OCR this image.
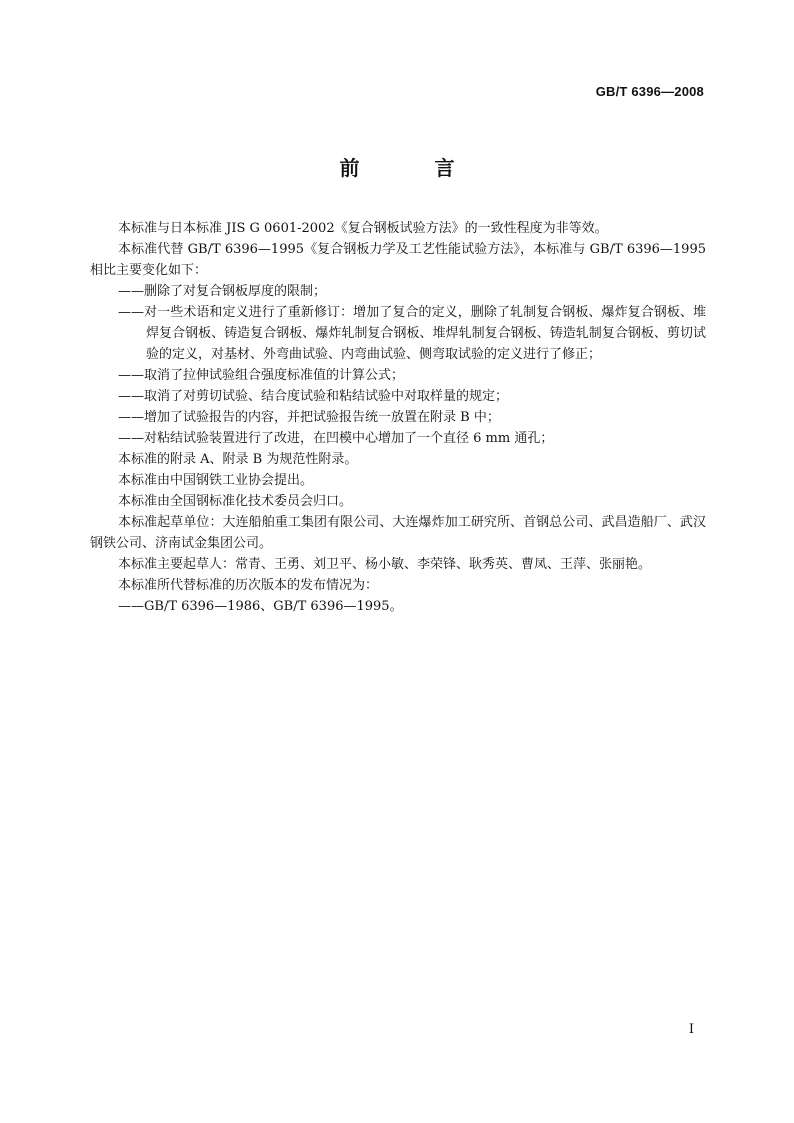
GB/T 6396—2008
前 言

本标准与日本标准 JIS G 0601-2002《复合钢板试验方法》的一致性程度为非等效。

本标准代替 GB/T 6396—1995《复合钢板力学及工艺性能试验方法》，本标准与 GB/T 6396—1995 相比主要变化如下：

——删除了对复合钢板厚度的限制；

——对一些术语和定义进行了重新修订：增加了复合的定义，删除了轧制复合钢板、爆炸复合钢板、堆焊复合钢板、铸造复合钢板、爆炸轧制复合钢板、堆焊轧制复合钢板、铸造轧制复合钢板、剪切试验的定义，对基材、外弯曲试验、内弯曲试验、侧弯取试验的定义进行了修正；

——取消了拉伸试验组合强度标准值的计算公式；

——取消了对剪切试验、结合度试验和粘结试验中对取样量的规定；

——增加了试验报告的内容，并把试验报告统一放置在附录 B 中；

——对粘结试验装置进行了改进，在凹模中心增加了一个直径 6 mm 通孔；

本标准的附录 A、附录 B 为规范性附录。

本标准由中国钢铁工业协会提出。

本标准由全国钢标准化技术委员会归口。

本标准起草单位：大连船舶重工集团有限公司、大连爆炸加工研究所、首钢总公司、武昌造船厂、武汉钢铁公司、济南试金集团公司。

本标准主要起草人：常青、王勇、刘卫平、杨小敏、李荣锋、耿秀英、曹凤、王萍、张丽艳。

本标准所代替标准的历次版本的发布情况为：

——GB/T 6396—1986、GB/T 6396—1995。

I
